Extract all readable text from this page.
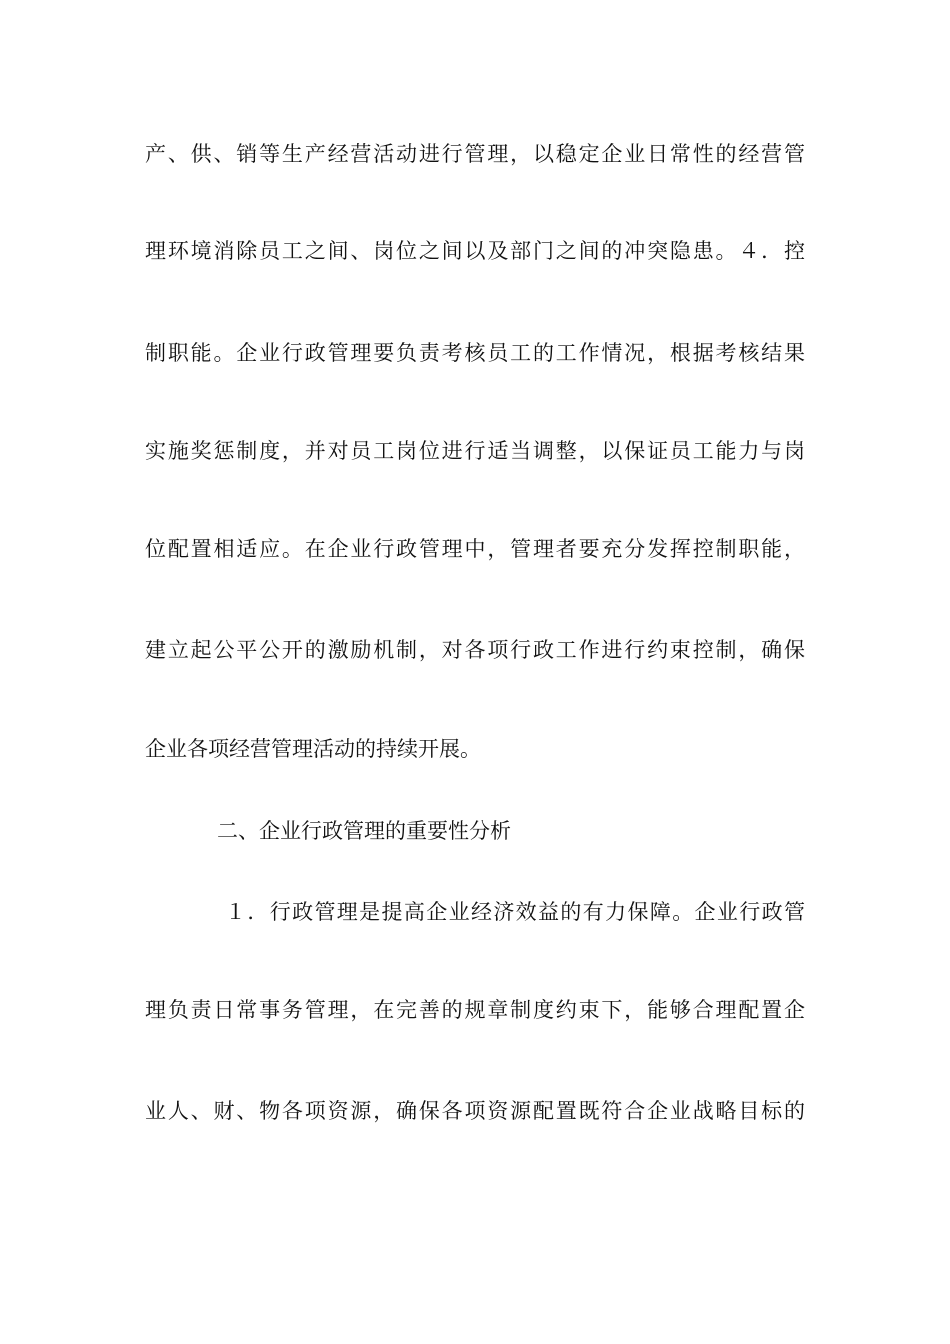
产、供、销等生产经营活动进行管理，以稳定企业日常性的经营管
理环境消除员工之间、岗位之间以及部门之间的冲突隐患。４．控
制职能。企业行政管理要负责考核员工的工作情况，根据考核结果
实施奖惩制度，并对员工岗位进行适当调整，以保证员工能力与岗
位配置相适应。在企业行政管理中，管理者要充分发挥控制职能，
建立起公平公开的激励机制，对各项行政工作进行约束控制，确保
企业各项经营管理活动的持续开展。
二、企业行政管理的重要性分析
１．行政管理是提高企业经济效益的有力保障。企业行政管
理负责日常事务管理，在完善的规章制度约束下，能够合理配置企
业人、财、物各项资源，确保各项资源配置既符合企业战略目标的
